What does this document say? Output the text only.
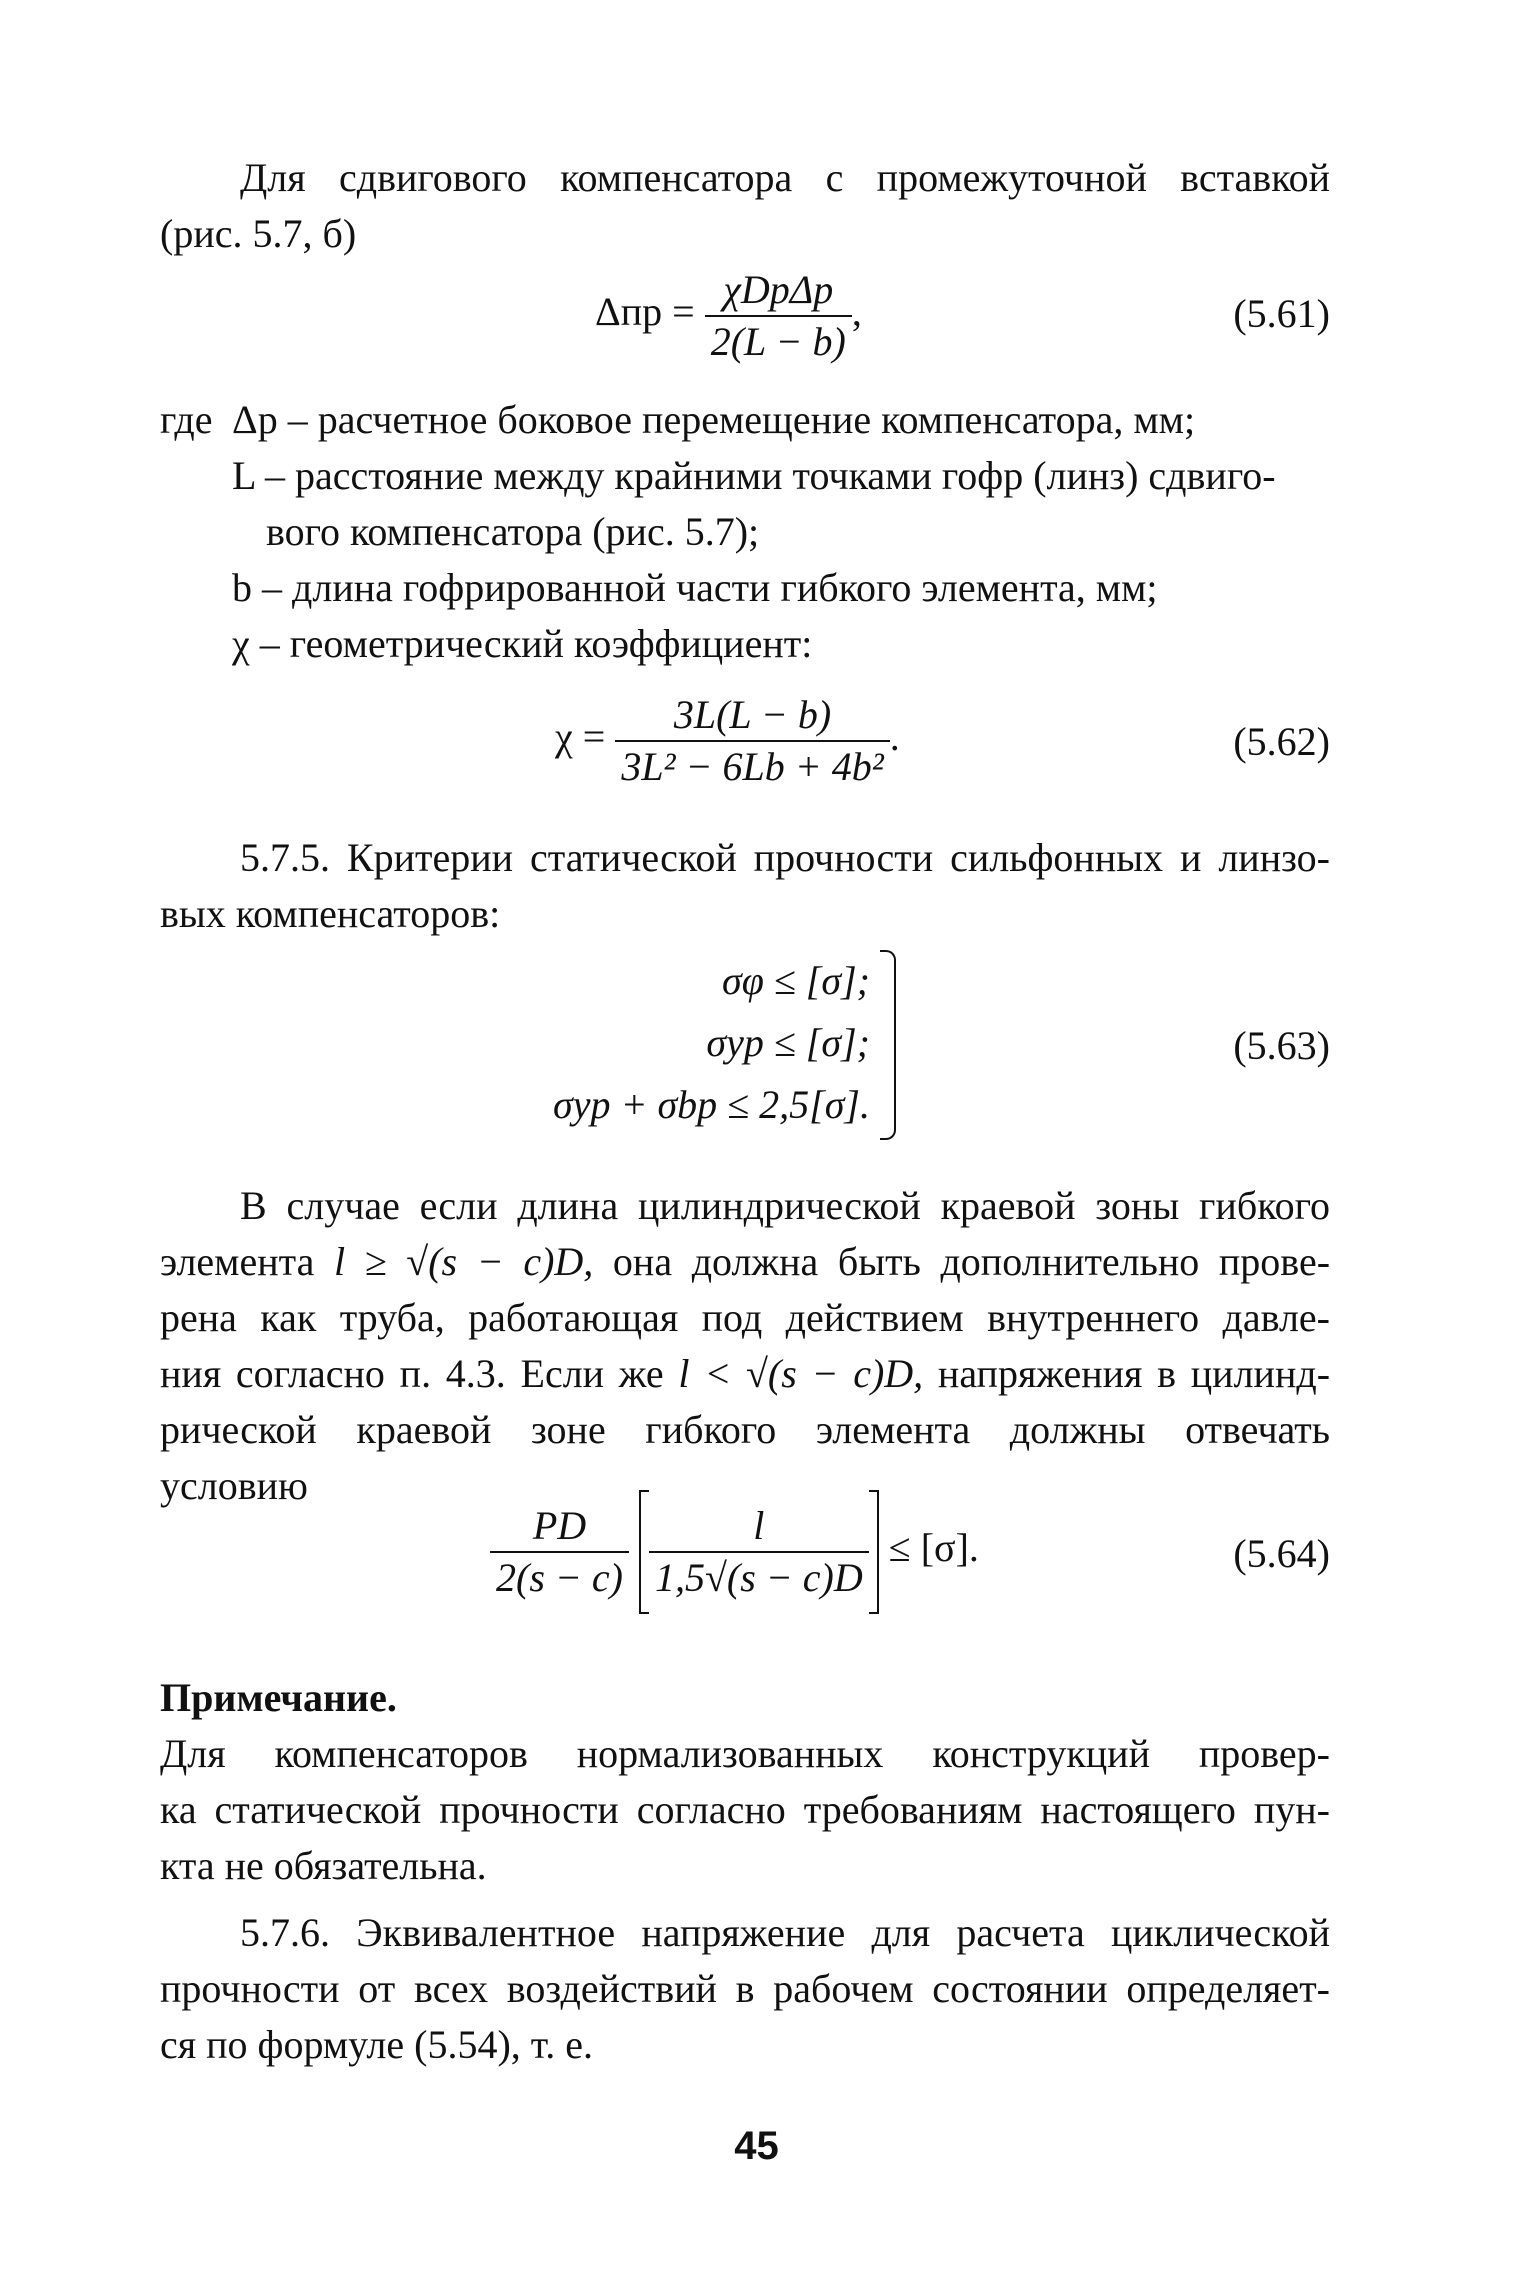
Для сдвигового компенсатора с промежуточной вставкой
(рис. 5.7, б)
$\Delta пр = \frac{\text{χDpΔp}}{2(L - b)}$ ,	(5.61)
где Δp – расчетное боковое перемещение компенсатора, мм;
L – расстояние между крайними точками гофр (линз) сдвиго-
вого компенсатора (рис. 5.7);
b – длина гофрированной части гибкого элемента, мм;
χ – геометрический коэффициент:
$\chi = \frac{3L(L - b)}{\text{3L² − 6Lb + 4b²}}$ .	(5.62)
5.7.5. Критерии статической прочности сильфонных и линзо-
вых компенсаторов:
σφ ≤ [σ];
σyp ≤ [σ];
σyp + σbp ≤ 2,5[σ].
(5.63)
В случае если длина цилиндрической краевой зоны гибкого
элемента l ≥ √(s − c)D, она должна быть дополнительно прове-
рена как труба, работающая под действием внутреннего давле-
ния согласно п. 4.3. Если же l < √(s − c)D, напряжения в цилинд-
рической краевой зоне гибкого элемента должны отвечать
условию
$\frac{PD}{2(s - c)}$
$\frac{l}{1,5√(s - c)D} \le [\sigma]$.	(5.64)
Примечание.
Для компенсаторов нормализованных конструкций провер-
ка статической прочности согласно требованиям настоящего пун-
кта не обязательна.
5.7.6. Эквивалентное напряжение для расчета циклической
прочности от всех воздействий в рабочем состоянии определяет-
ся по формуле (5.54), т. е.
45
